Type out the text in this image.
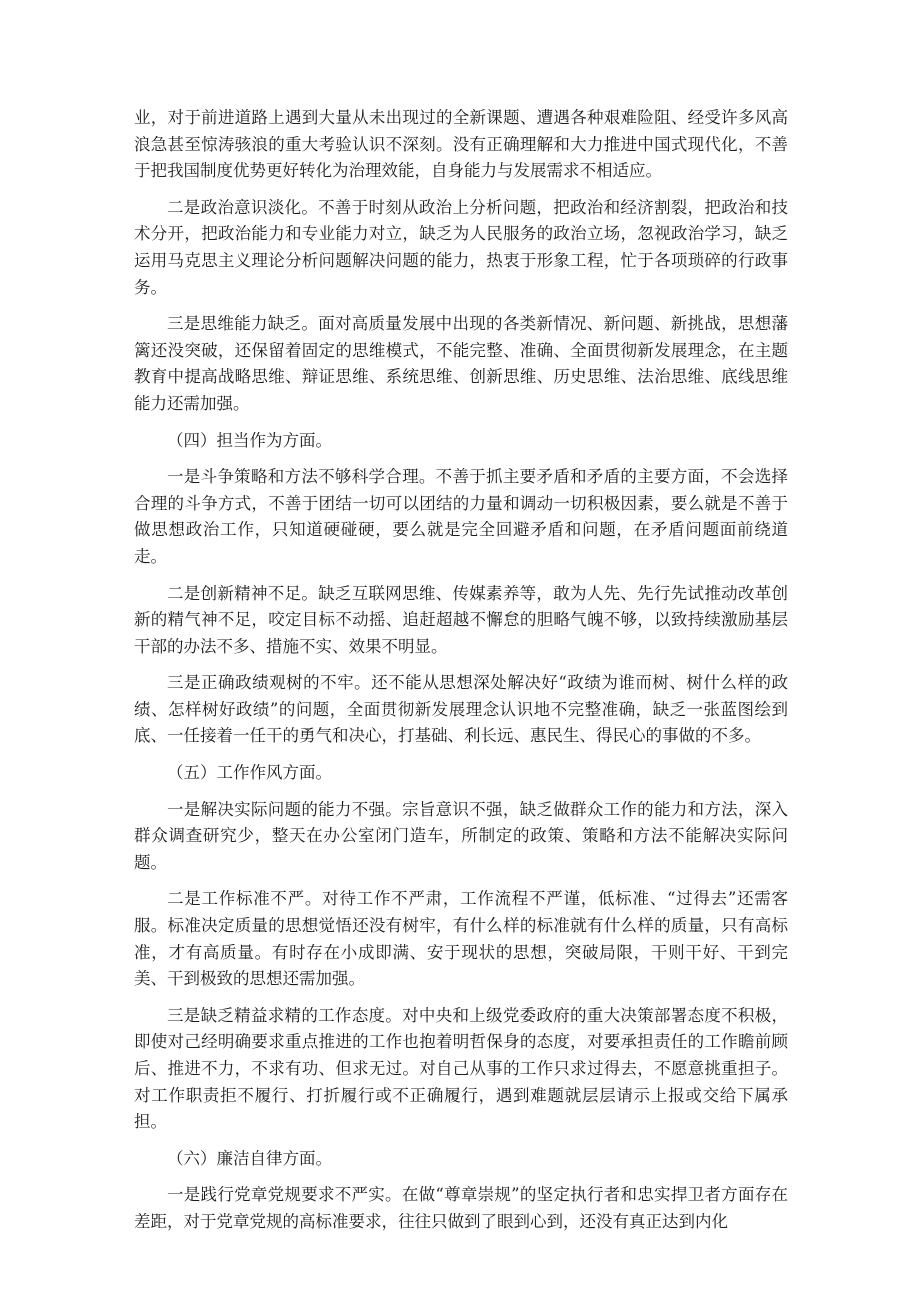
业，对于前进道路上遇到大量从未出现过的全新课题、遭遇各种艰难险阻、经受许多风高浪急甚至惊涛骇浪的重大考验认识不深刻。没有正确理解和大力推进中国式现代化，不善于把我国制度优势更好转化为治理效能，自身能力与发展需求不相适应。

二是政治意识淡化。不善于时刻从政治上分析问题，把政治和经济割裂，把政治和技术分开，把政治能力和专业能力对立，缺乏为人民服务的政治立场，忽视政治学习，缺乏运用马克思主义理论分析问题解决问题的能力，热衷于形象工程，忙于各项琐碎的行政事务。

三是思维能力缺乏。面对高质量发展中出现的各类新情况、新问题、新挑战，思想藩篱还没突破，还保留着固定的思维模式，不能完整、准确、全面贯彻新发展理念，在主题教育中提高战略思维、辩证思维、系统思维、创新思维、历史思维、法治思维、底线思维能力还需加强。

（四）担当作为方面。

一是斗争策略和方法不够科学合理。不善于抓主要矛盾和矛盾的主要方面，不会选择合理的斗争方式，不善于团结一切可以团结的力量和调动一切积极因素，要么就是不善于做思想政治工作，只知道硬碰硬，要么就是完全回避矛盾和问题，在矛盾问题面前绕道走。

二是创新精神不足。缺乏互联网思维、传媒素养等，敢为人先、先行先试推动改革创新的精气神不足，咬定目标不动摇、追赶超越不懈怠的胆略气魄不够，以致持续激励基层干部的办法不多、措施不实、效果不明显。

三是正确政绩观树的不牢。还不能从思想深处解决好“政绩为谁而树、树什么样的政绩、怎样树好政绩”的问题，全面贯彻新发展理念认识地不完整准确，缺乏一张蓝图绘到底、一任接着一任干的勇气和决心，打基础、利长远、惠民生、得民心的事做的不多。

（五）工作作风方面。

一是解决实际问题的能力不强。宗旨意识不强，缺乏做群众工作的能力和方法，深入群众调查研究少，整天在办公室闭门造车，所制定的政策、策略和方法不能解决实际问题。

二是工作标准不严。对待工作不严肃，工作流程不严谨，低标准、“过得去”还需客服。标准决定质量的思想觉悟还没有树牢，有什么样的标准就有什么样的质量，只有高标准，才有高质量。有时存在小成即满、安于现状的思想，突破局限，干则干好、干到完美、干到极致的思想还需加强。

三是缺乏精益求精的工作态度。对中央和上级党委政府的重大决策部署态度不积极，即使对己经明确要求重点推进的工作也抱着明哲保身的态度，对要承担责任的工作瞻前顾后、推进不力，不求有功、但求无过。对自己从事的工作只求过得去，不愿意挑重担子。对工作职责拒不履行、打折履行或不正确履行，遇到难题就层层请示上报或交给下属承担。

（六）廉洁自律方面。

一是践行党章党规要求不严实。在做“尊章崇规”的坚定执行者和忠实捍卫者方面存在差距，对于党章党规的高标准要求，往往只做到了眼到心到，还没有真正达到内化
